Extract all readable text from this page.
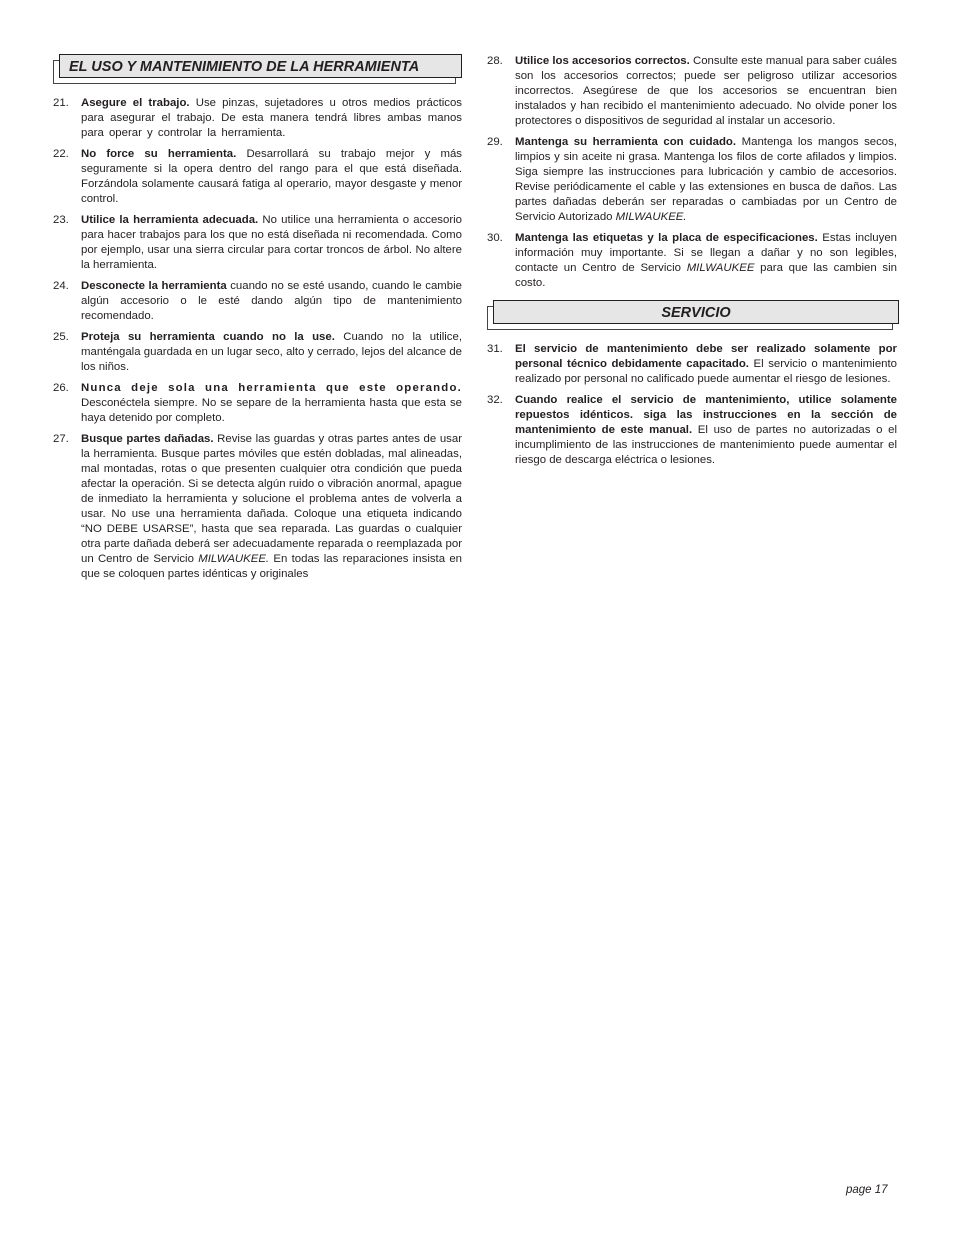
EL USO Y MANTENIMIENTO DE LA HERRAMIENTA
21.	Asegure el trabajo. Use pinzas, sujetadores u otros medios prácticos para asegurar el trabajo. De esta manera tendrá libres ambas manos para operar y controlar la herramienta.
22.	No force su herramienta. Desarrollará su trabajo mejor y más seguramente si la opera dentro del rango para el que está diseñada. Forzándola solamente causará fatiga al operario, mayor desgaste y menor control.
23.	Utilice la herramienta adecuada. No utilice una herramienta o accesorio para hacer trabajos para los que no está diseñada ni recomendada. Como por ejemplo, usar una sierra circular para cortar troncos de árbol. No altere la herramienta.
24.	Desconecte la herramienta cuando no se esté usando, cuando le cambie algún accesorio o le esté dando algún tipo de mantenimiento recomendado.
25.	Proteja su herramienta cuando no la use. Cuando no la utilice, manténgala guardada en un lugar seco, alto y cerrado, lejos del alcance de los niños.
26.	Nunca deje sola una herramienta que este operando. Desconéctela siempre. No se separe de la herramienta hasta que esta se haya detenido por completo.
27.	Busque partes dañadas. Revise las guardas y otras partes antes de usar la herramienta. Busque partes móviles que estén dobladas, mal alineadas, mal montadas, rotas o que presenten cualquier otra condición que pueda afectar la operación. Si se detecta algún ruido o vibración anormal, apague de inmediato la herramienta y solucione el problema antes de volverla a usar. No use una herramienta dañada. Coloque una etiqueta indicando “NO DEBE USARSE”, hasta que sea reparada. Las guardas o cualquier otra parte dañada deberá ser adecuadamente reparada o reemplazada por un Centro de Servicio MILWAUKEE. En todas las reparaciones insista en que se coloquen partes idénticas y originales
28.	Utilice los accesorios correctos. Consulte este manual para saber cuáles son los accesorios correctos; puede ser peligroso utilizar accesorios incorrectos. Asegúrese de que los accesorios se encuentran bien instalados y han recibido el mantenimiento adecuado. No olvide poner los protectores o dispositivos de seguridad al instalar un accesorio.
29.	Mantenga su herramienta con cuidado. Mantenga los mangos secos, limpios y sin aceite ni grasa. Mantenga los filos de corte afilados y limpios. Siga siempre las instrucciones para lubricación y cambio de accesorios. Revise periódicamente el cable y las extensiones en busca de daños. Las partes dañadas deberán ser reparadas o cambiadas por un Centro de Servicio Autorizado MILWAUKEE.
30.	Mantenga las etiquetas y la placa de especificaciones. Estas incluyen información muy importante. Si se llegan a dañar y no son legibles, contacte un Centro de Servicio MILWAUKEE para que las cambien sin costo.
SERVICIO
31.	El servicio de mantenimiento debe ser realizado solamente por personal técnico debidamente capacitado. El servicio o mantenimiento realizado por personal no calificado puede aumentar el riesgo de lesiones.
32.	Cuando realice el servicio de mantenimiento, utilice solamente repuestos idénticos. siga las instrucciones en la sección de mantenimiento de este manual. El uso de partes no autorizadas o el incumplimiento de las instrucciones de mantenimiento puede aumentar el riesgo de descarga eléctrica o lesiones.
page 17
